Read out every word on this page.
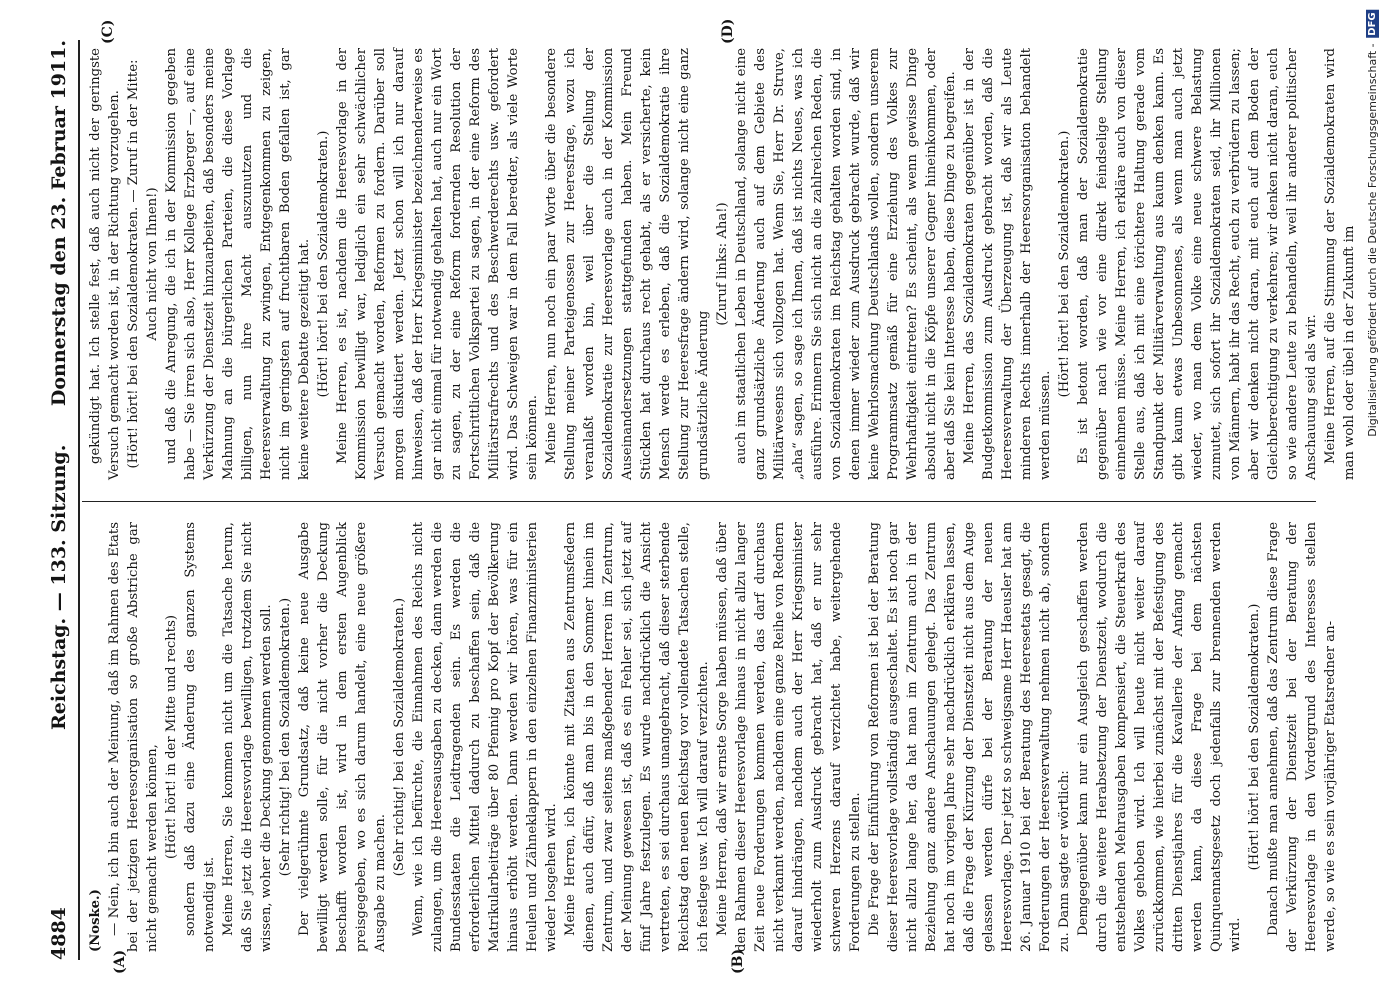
4884
Reichstag. — 133. Sitzung.
Donnerstag den 23. Februar 1911.
(A)	(B)
(C)	(D)

(Noske.) — Nein, ich bin auch der Meinung, daß im Rahmen des Etats bei der jetzigen Heeresorganisation so große Abstriche gar nicht gemacht werden können, (Hört! hört! in der Mitte und rechts) sondern daß dazu eine Änderung des ganzen Systems notwendig ist. Meine Herren, Sie kommen nicht um die Tatsache herum, daß Sie jetzt die Heeresvorlage bewilligen, trotzdem Sie nicht wissen, woher die Deckung genommen werden soll. (Sehr richtig! bei den Sozialdemokraten.) Der vielgerühmte Grundsatz, daß keine neue Ausgabe bewilligt werden solle, für die nicht vorher die Deckung beschafft worden ist, wird in dem ersten Augenblick preisgegeben, wo es sich darum handelt, eine neue größere Ausgabe zu machen.

(Sehr richtig! bei den Sozialdemokraten.) Wenn, wie ich befürchte, die Einnahmen des Reichs nicht zulangen, um die Heeresausgaben zu decken, dann werden die Bundesstaaten die Leidtragenden sein. Es werden die erforderlichen Mittel dadurch zu beschaffen sein, daß die Matrikularbeiträge über 80 Pfennig pro Kopf der Bevölkerung hinaus erhöht werden. Dann werden wir hören, was für ein Heulen und Zähneklappern in den einzelnen Finanzministerien wieder losgehen wird. Meine Herren, ich könnte mit Zitaten aus Zentrumsfedern dienen, auch dafür, daß man bis in den Sommer hinein im Zentrum, und zwar seitens maßgebender Herren im Zentrum, der Meinung gewesen ist, daß es ein Fehler sei, sich jetzt auf fünf Jahre festzulegen. Es wurde nachdrücklich die Ansicht vertreten, es sei durchaus unangebracht, daß dieser sterbende Reichstag den neuen Reichstag vor vollendete Tatsachen stelle, ich festlege usw. Ich will darauf verzichten. Meine Herren, daß wir ernste Sorge haben müssen, daß über den Rahmen dieser Heeresvorlage hinaus in nicht allzu langer Zeit neue Forderungen kommen werden, das darf durchaus nicht verkannt werden, nachdem eine ganze Reihe von Rednern darauf hindrängen, nachdem auch der Herr Kriegsminister wiederholt zum Ausdruck gebracht hat, daß er nur sehr schweren Herzens darauf verzichtet habe, weitergehende Forderungen zu stellen. Die Frage der Einführung von Reformen ist bei der Beratung dieser Heeresvorlage vollständig ausgeschaltet. Es ist noch gar nicht allzu lange her, da hat man im Zentrum auch in der Beziehung ganz andere Anschauungen gehegt. Das Zentrum hat noch im vorigen Jahre sehr nachdrücklich erklären lassen, daß die Frage der Kürzung der Dienstzeit nicht aus dem Auge gelassen werden dürfe bei der Beratung der neuen Heeresvorlage. Der jetzt so schweigsame Herr Haeusler hat am 26. Januar 1910 bei der Beratung des Heeresetats gesagt, die Forderungen der Heeresverwaltung nehmen nicht ab, sondern zu. Dann sagte er wörtlich: Demgegenüber kann nur ein Ausgleich geschaffen werden durch die weitere Herabsetzung der Dienstzeit, wodurch die entstehenden Mehrausgaben kompensiert, die Steuerkraft des Volkes gehoben wird. Ich will heute nicht weiter darauf zurückkommen, wie hierbei zunächst mit der Befestigung des dritten Dienstjahres für die Kavallerie der Anfang gemacht werden kann, da diese Frage bei dem nächsten Quinquennatsgesetz doch jedenfalls zur brennenden werden wird.

(Hört! hört! bei den Sozialdemokraten.) Danach mußte man annehmen, daß das Zentrum diese Frage der Verkürzung der Dienstzeit bei der Beratung der Heeresvorlage in den Vordergrund des Interesses stellen werde, so wie es sein vorjähriger Etatsredner an-

gekündigt hat. Ich stelle fest, daß auch nicht der geringste Versuch gemacht worden ist, in der Richtung vorzugehen. (Hört! hört! bei den Sozialdemokraten. — Zuruf in der Mitte: Auch nicht von Ihnen!) und daß die Anregung, die ich in der Kommission gegeben habe — Sie irren sich also, Herr Kollege Erzberger —, auf eine Verkürzung der Dienstzeit hinzuarbeiten, daß besonders meine Mahnung an die bürgerlichen Parteien, die diese Vorlage billigen, nun ihre Macht auszunutzen und die Heeresverwaltung zu zwingen, Entgegenkommen zu zeigen, nicht im geringsten auf fruchtbaren Boden gefallen ist, gar keine weitere Debatte gezeitigt hat. (Hört! hört! bei den Sozialdemokraten.) Meine Herren, es ist, nachdem die Heeresvorlage in der Kommission bewilligt war, lediglich ein sehr schwächlicher Versuch gemacht worden, Reformen zu fordern. Darüber soll morgen diskutiert werden. Jetzt schon will ich nur darauf hinweisen, daß der Herr Kriegsminister bezeichnenderweise es gar nicht einmal für notwendig gehalten hat, auch nur ein Wort zu sagen, zu der eine Reform fordernden Resolution der Fortschrittlichen Volkspartei zu sagen, in der eine Reform des Militärstrafrechts und des Beschwerderechts usw. gefordert wird. Das Schweigen war in dem Fall beredter, als viele Worte sein können. Meine Herren, nun noch ein paar Worte über die besondere Stellung meiner Parteigenossen zur Heeresfrage, wozu ich veranlaßt worden bin, weil über die Stellung der Sozialdemokratie zur Heeresvorlage auch in der Kommission Auseinandersetzungen stattgefunden haben. Mein Freund Stücklen hat durchaus recht gehabt, als er versicherte, kein Mensch werde es erleben, daß die Sozialdemokratie ihre Stellung zur Heeresfrage ändern wird, solange nicht eine ganz grundsätzliche Änderung

(Zuruf links: Aha!) auch im staatlichen Leben in Deutschland, solange nicht eine ganz grundsätzliche Änderung auch auf dem Gebiete des Militärwesens sich vollzogen hat. Wenn Sie, Herr Dr. Struve, „aha“ sagen, so sage ich Ihnen, daß ist nichts Neues, was ich ausführe. Erinnern Sie sich nicht an die zahlreichen Reden, die von Sozialdemokraten im Reichstag gehalten worden sind, in denen immer wieder zum Ausdruck gebracht wurde, daß wir keine Wehrlosmachung Deutschlands wollen, sondern unserem Programmsatz gemäß für eine Erziehung des Volkes zur Wehrhaftigkeit eintreten? Es scheint, als wenn gewisse Dinge absolut nicht in die Köpfe unserer Gegner hineinkommen, oder aber daß Sie kein Interesse haben, diese Dinge zu begreifen. Meine Herren, das Sozialdemokraten gegenüber ist in der Budgetkommission zum Ausdruck gebracht worden, daß die Heeresverwaltung der Überzeugung ist, daß wir als Leute minderen Rechts innerhalb der Heeresorganisation behandelt werden müssen.

(Hört! hört! bei den Sozialdemokraten.) Es ist betont worden, daß man der Sozialdemokratie gegenüber nach wie vor eine direkt feindselige Stellung einnehmen müsse. Meine Herren, ich erkläre auch von dieser Stelle aus, daß ich mit eine törichtere Haltung gerade vom Standpunkt der Militärverwaltung aus kaum denken kann. Es gibt kaum etwas Unbesonnenes, als wenn man auch jetzt wieder, wo man dem Volke eine neue schwere Belastung zumutet, sich sofort ihr Sozialdemokraten seid, ihr Millionen von Männern, habt ihr das Recht, euch zu verbrüdern zu lassen; aber wir denken nicht daran, mit euch auf dem Boden der Gleichberechtigung zu verkehren; wir denken nicht daran, euch so wie andere Leute zu behandeln, weil ihr anderer politischer Anschauung seid als wir. Meine Herren, auf die Stimmung der Sozialdemokraten wird man wohl oder übel in der Zukunft im Digitalisierung gefördert durch die Deutsche Forschungsgemeinschaft -
DFG
